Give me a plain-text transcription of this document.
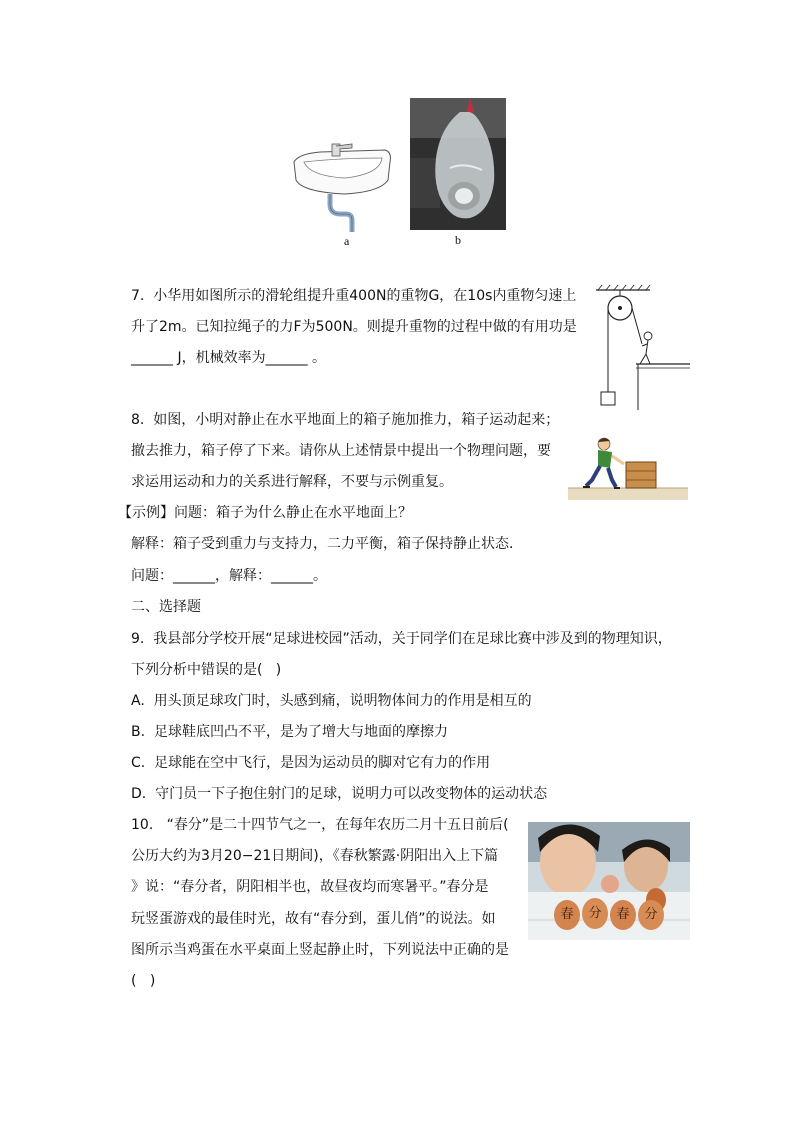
a	b
7.  小华用如图所示的滑轮组提升重400N的重物G，在10s内重物匀速上
升了2m。已知拉绳子的力F为500N。则提升重物的过程中做的有用功是
______ J，机械效率为______ 。
8.  如图，小明对静止在水平地面上的箱子施加推力，箱子运动起来；
撤去推力，箱子停了下来。请你从上述情景中提出一个物理问题，要
求运用运动和力的关系进行解释，不要与示例重复。
【示例】问题：箱子为什么静止在水平地面上？
解释：箱子受到重力与支持力，二力平衡，箱子保持静止状态．
问题：______，解释：______。
二、选择题
9.  我县部分学校开展“足球进校园”活动，关于同学们在足球比赛中涉及到的物理知识，
下列分析中错误的是(   )
A.  用头顶足球攻门时，头感到痛，说明物体间力的作用是相互的
B.  足球鞋底凹凸不平，是为了增大与地面的摩擦力
C.  足球能在空中飞行，是因为运动员的脚对它有力的作用
D.  守门员一下子抱住射门的足球，说明力可以改变物体的运动状态
10.   “春分”是二十四节气之一，在每年农历二月十五日前后(
公历大约为3月20−21日期间)，《春秋繁露·阴阳出入上下篇
》说：“春分者，阴阳相半也，故昼夜均而寒暑平。”春分是
玩竖蛋游戏的最佳时光，故有“春分到，蛋儿俏”的说法。如
图所示当鸡蛋在水平桌面上竖起静止时，下列说法中正确的是
(   )
春	分	春	分
